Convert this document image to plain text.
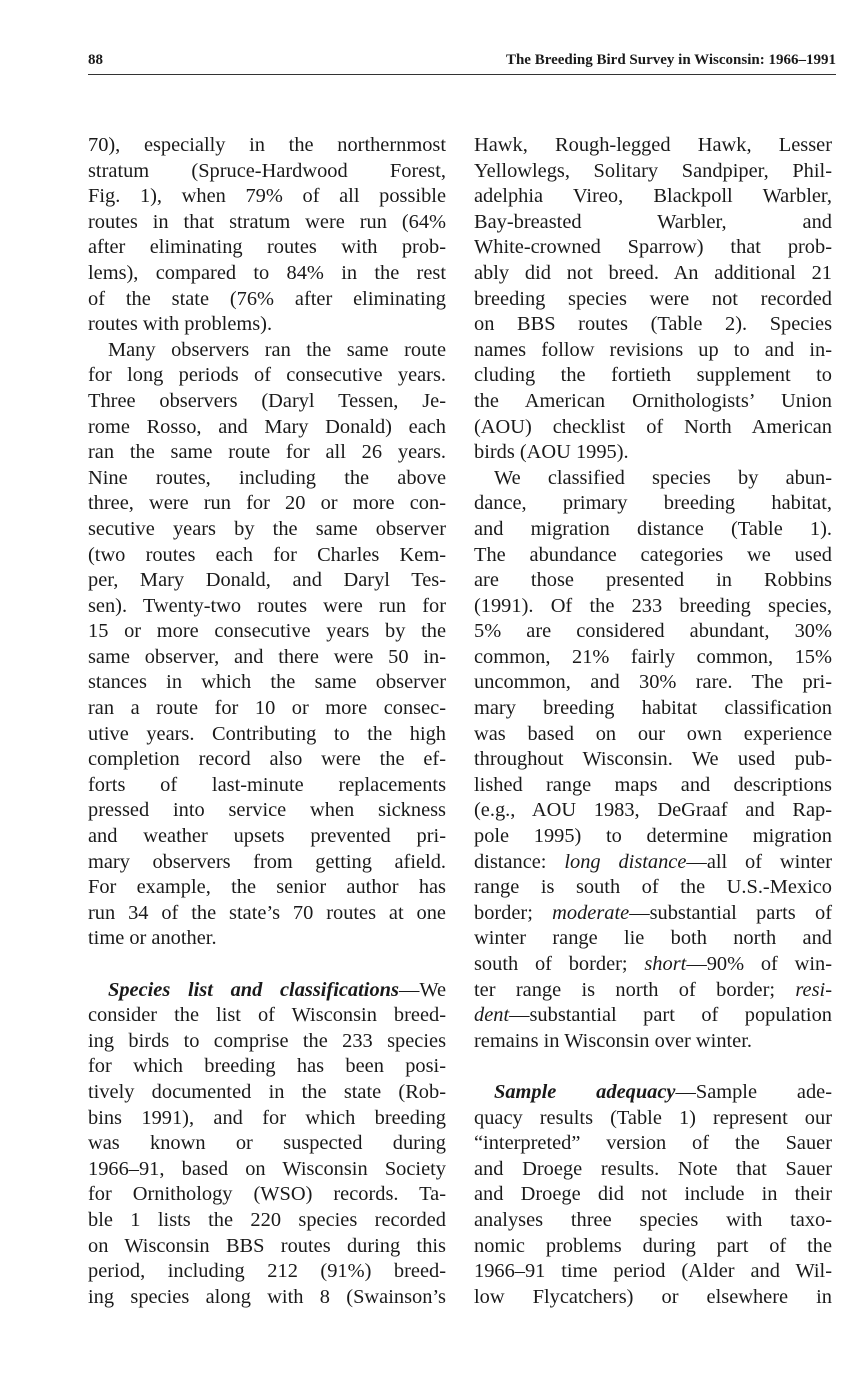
88	The Breeding Bird Survey in Wisconsin: 1966–1991
70), especially in the northernmost
stratum (Spruce-Hardwood Forest,
Fig. 1), when 79% of all possible
routes in that stratum were run (64%
after eliminating routes with prob-
lems), compared to 84% in the rest
of the state (76% after eliminating
routes with problems).
Many observers ran the same route
for long periods of consecutive years.
Three observers (Daryl Tessen, Je-
rome Rosso, and Mary Donald) each
ran the same route for all 26 years.
Nine routes, including the above
three, were run for 20 or more con-
secutive years by the same observer
(two routes each for Charles Kem-
per, Mary Donald, and Daryl Tes-
sen). Twenty-two routes were run for
15 or more consecutive years by the
same observer, and there were 50 in-
stances in which the same observer
ran a route for 10 or more consec-
utive years. Contributing to the high
completion record also were the ef-
forts of last-minute replacements
pressed into service when sickness
and weather upsets prevented pri-
mary observers from getting afield.
For example, the senior author has
run 34 of the state’s 70 routes at one
time or another.
Species list and classifications—We
consider the list of Wisconsin breed-
ing birds to comprise the 233 species
for which breeding has been posi-
tively documented in the state (Rob-
bins 1991), and for which breeding
was known or suspected during
1966–91, based on Wisconsin Society
for Ornithology (WSO) records. Ta-
ble 1 lists the 220 species recorded
on Wisconsin BBS routes during this
period, including 212 (91%) breed-
ing species along with 8 (Swainson’s
Hawk, Rough-legged Hawk, Lesser
Yellowlegs, Solitary Sandpiper, Phil-
adelphia Vireo, Blackpoll Warbler,
Bay-breasted Warbler, and
White-crowned Sparrow) that prob-
ably did not breed. An additional 21
breeding species were not recorded
on BBS routes (Table 2). Species
names follow revisions up to and in-
cluding the fortieth supplement to
the American Ornithologists’ Union
(AOU) checklist of North American
birds (AOU 1995).
We classified species by abun-
dance, primary breeding habitat,
and migration distance (Table 1).
The abundance categories we used
are those presented in Robbins
(1991). Of the 233 breeding species,
5% are considered abundant, 30%
common, 21% fairly common, 15%
uncommon, and 30% rare. The pri-
mary breeding habitat classification
was based on our own experience
throughout Wisconsin. We used pub-
lished range maps and descriptions
(e.g., AOU 1983, DeGraaf and Rap-
pole 1995) to determine migration
distance: long distance—all of winter
range is south of the U.S.-Mexico
border; moderate—substantial parts of
winter range lie both north and
south of border; short—90% of win-
ter range is north of border; resi-
dent—substantial part of population
remains in Wisconsin over winter.
Sample adequacy—Sample ade-
quacy results (Table 1) represent our
“interpreted” version of the Sauer
and Droege results. Note that Sauer
and Droege did not include in their
analyses three species with taxo-
nomic problems during part of the
1966–91 time period (Alder and Wil-
low Flycatchers) or elsewhere in
